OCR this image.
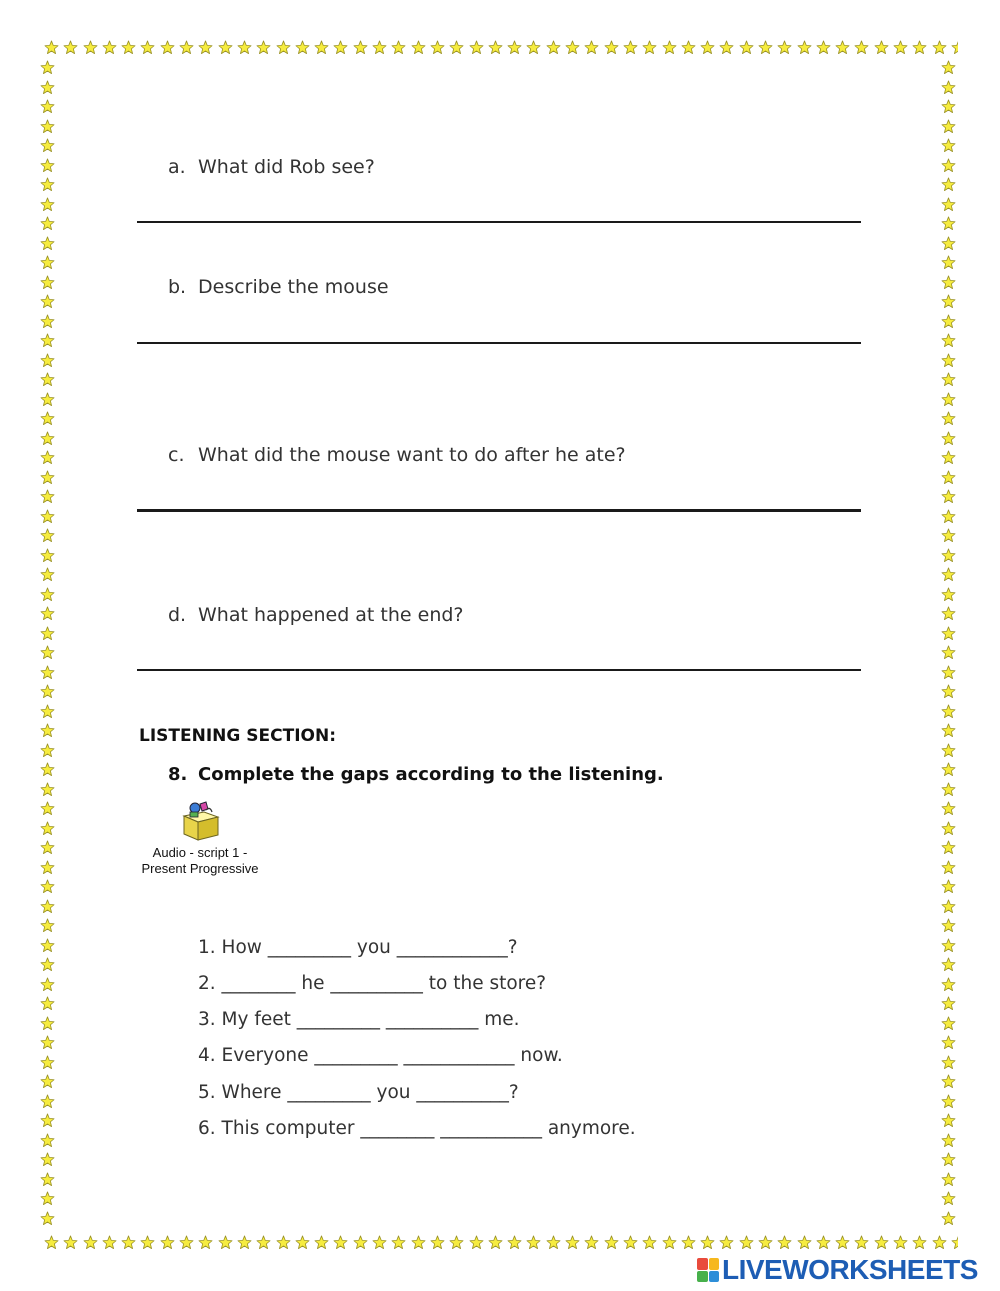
a. What did Rob see?
b. Describe the mouse
c. What did the mouse want to do after he ate?
d. What happened at the end?
LISTENING SECTION:
8. Complete the gaps according to the listening.
Audio - script 1 -
Present Progressive
1. How _________ you ____________?
2. ________ he __________ to the store?
3. My feet _________ __________ me.
4. Everyone _________ ____________ now.
5. Where _________ you __________?
6. This computer ________ ___________ anymore.
LIVEWORKSHEETS
